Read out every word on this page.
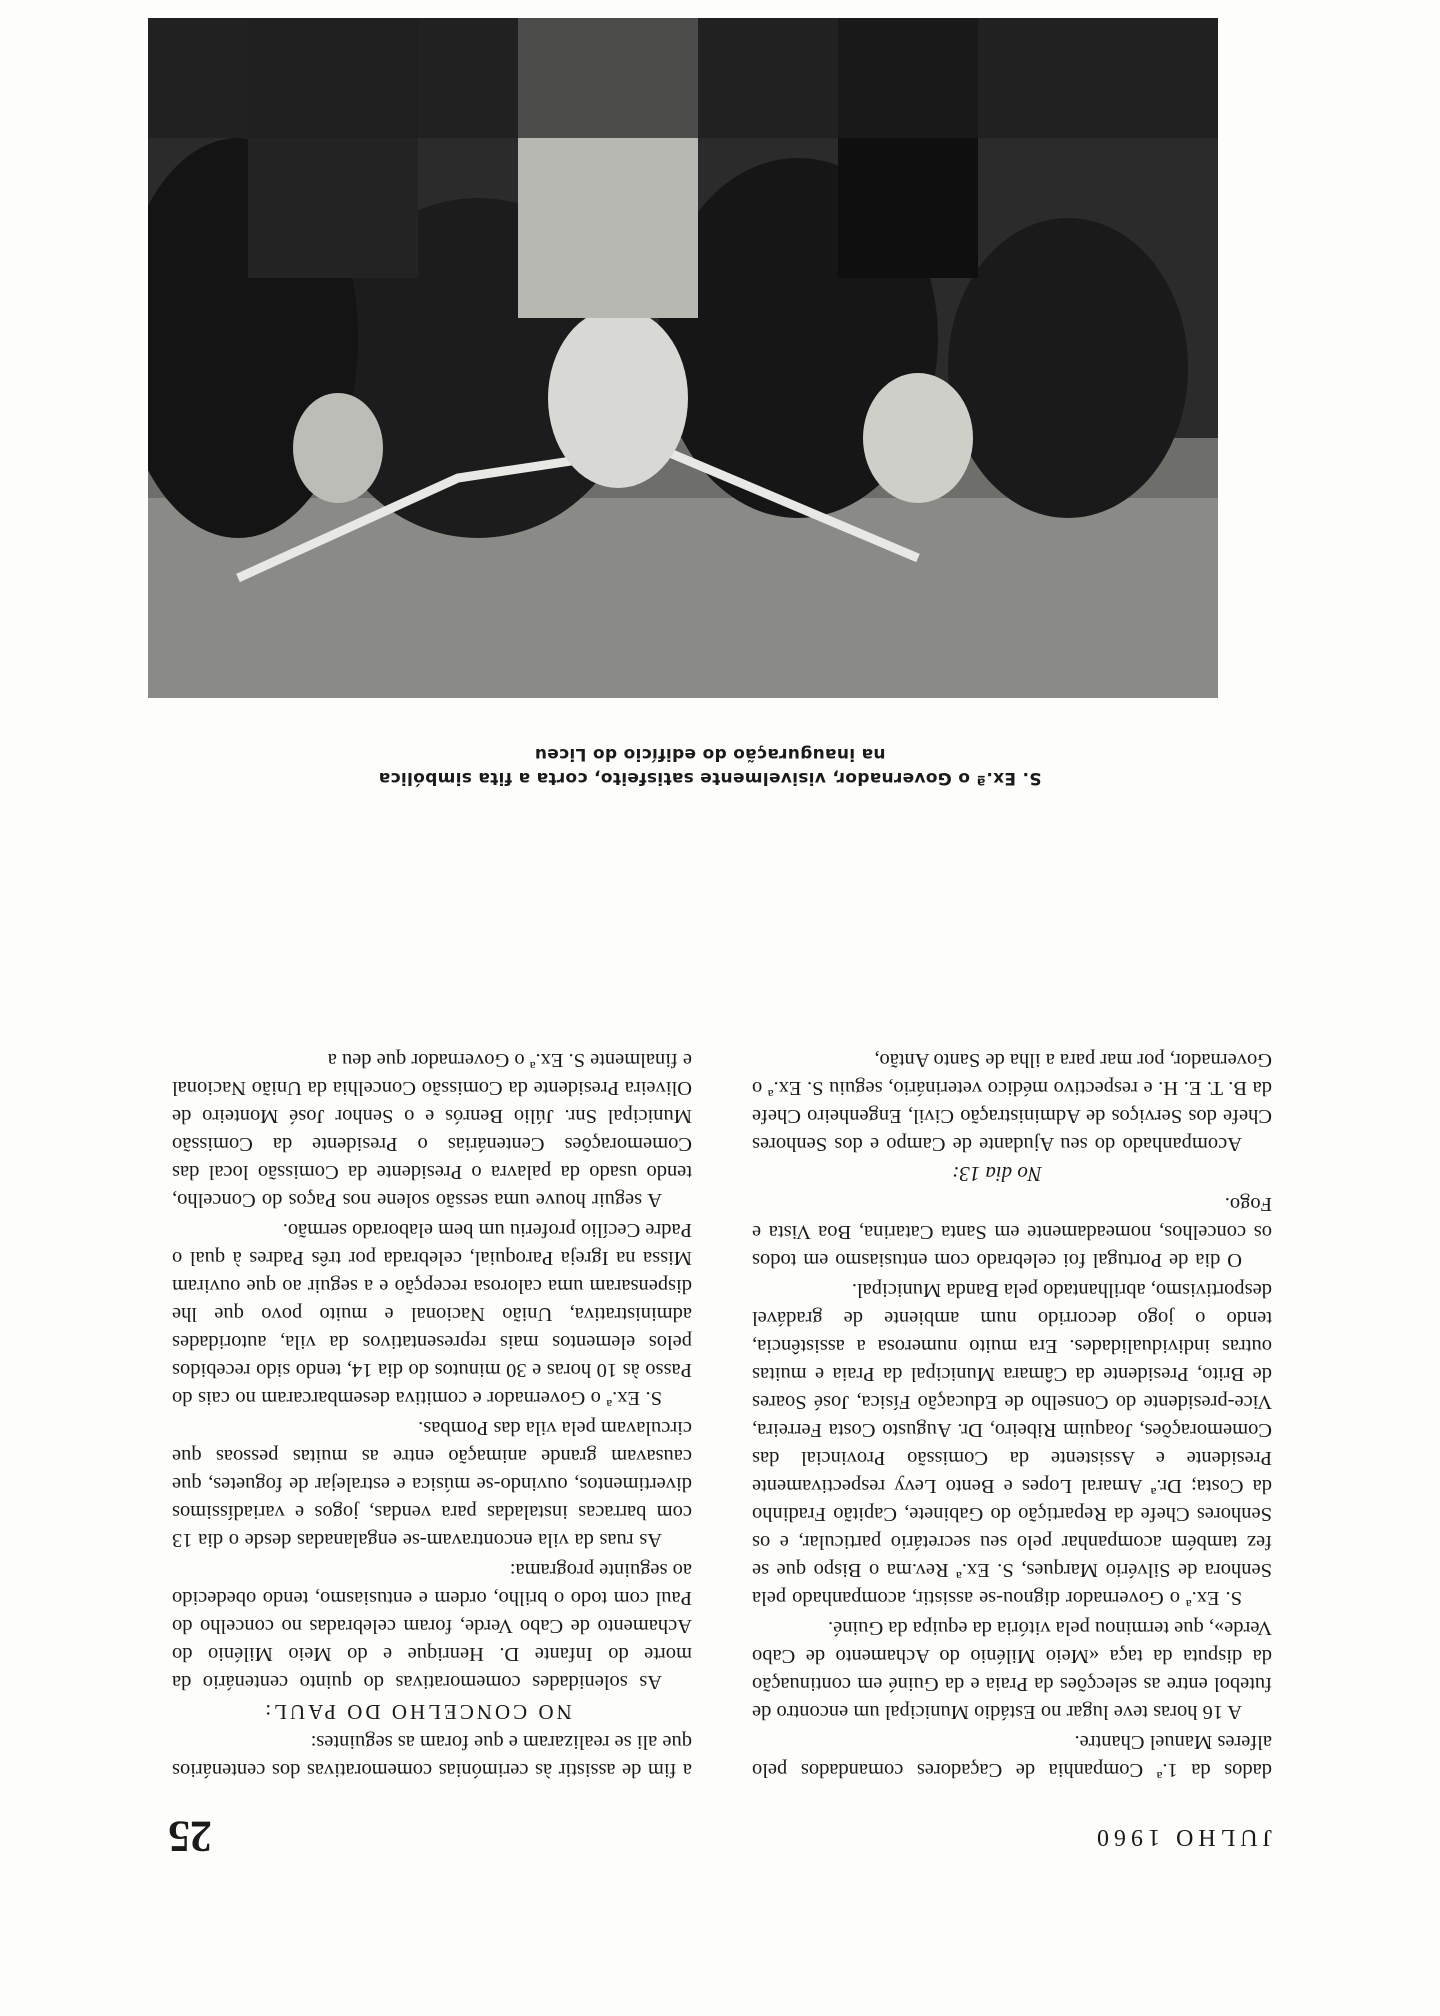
JULHO 1960
25

dados da 1.ª Companhia de Caçadores comandados pelo alferes Manuel Chantre.

A 16 horas teve lugar no Estádio Municipal um encontro de futebol entre as selecções da Praia e da Guiné em continuação da disputa da taça «Meio Milénio do Achamento de Cabo Verde», que terminou pela vitória da equipa da Guiné.

S. Ex.ª o Governador dignou-se assistir, acompanhado pela Senhora de Silvério Marques, S. Ex.ª Rev.ma o Bispo que se fez também acompanhar pelo seu secretário particular, e os Senhores Chefe da Repartição do Gabinete, Capitão Fradinho da Costa; Dr.ª Amaral Lopes e Bento Levy respectivamente Presidente e Assistente da Comissão Provincial das Comemorações, Joaquim Ribeiro, Dr. Augusto Costa Ferreira, Vice-presidente do Conselho de Educação Física, José Soares de Brito, Presidente da Câmara Municipal da Praia e muitas outras individualidades. Era muito numerosa a assistência, tendo o jogo decorrido num ambiente de gradável desportivismo, abrilhantado pela Banda Municipal.

O dia de Portugal foi celebrado com entusiasmo em todos os concelhos, nomeadamente em Santa Catarina, Boa Vista e Fogo.

No dia 13:

Acompanhado do seu Ajudante de Campo e dos Senhores Chefe dos Serviços de Administração Civil, Engenheiro Chefe da B. T. E. H. e respectivo médico veterinário, seguiu S. Ex.ª o Governador, por mar para a ilha de Santo Antão,

a fim de assistir às cerimónias comemorativas dos centenários que ali se realizaram e que foram as seguintes:

NO CONCELHO DO PAUL:

As solenidades comemorativas do quinto centenário da morte do Infante D. Henrique e do Meio Milénio do Achamento de Cabo Verde, foram celebradas no concelho do Paul com todo o brilho, ordem e entusiasmo, tendo obedecido ao seguinte programa:

As ruas da vila encontravam-se engalanadas desde o dia 13 com barracas instaladas para vendas, jogos e variadíssimos divertimentos, ouvindo-se música e estralejar de foguetes, que causavam grande animação entre as muitas pessoas que circulavam pela vila das Pombas.

S. Ex.ª o Governador e comitiva desembarcaram no cais do Passo às 10 horas e 30 minutos do dia 14, tendo sido recebidos pelos elementos mais representativos da vila, autoridades administrativa, União Nacional e muito povo que lhe dispensaram uma calorosa recepção e a seguir ao que ouviram Missa na Igreja Paroquial, celebrada por três Padres à qual o Padre Cecílio proferiu um bem elaborado sermão.

A seguir houve uma sessão solene nos Paços do Concelho, tendo usado da palavra o Presidente da Comissão local das Comemorações Centenárias o Presidente da Comissão Municipal Snr. Júlio Benrós e o Senhor José Monteiro de Oliveira Presidente da Comissão Concelhia da União Nacional e finalmente S. Ex.ª o Governador que deu a

S. Ex.ª o Governador, visivelmente satisfeito, corta a fita simbólica
na inauguração do edifício do Liceu
